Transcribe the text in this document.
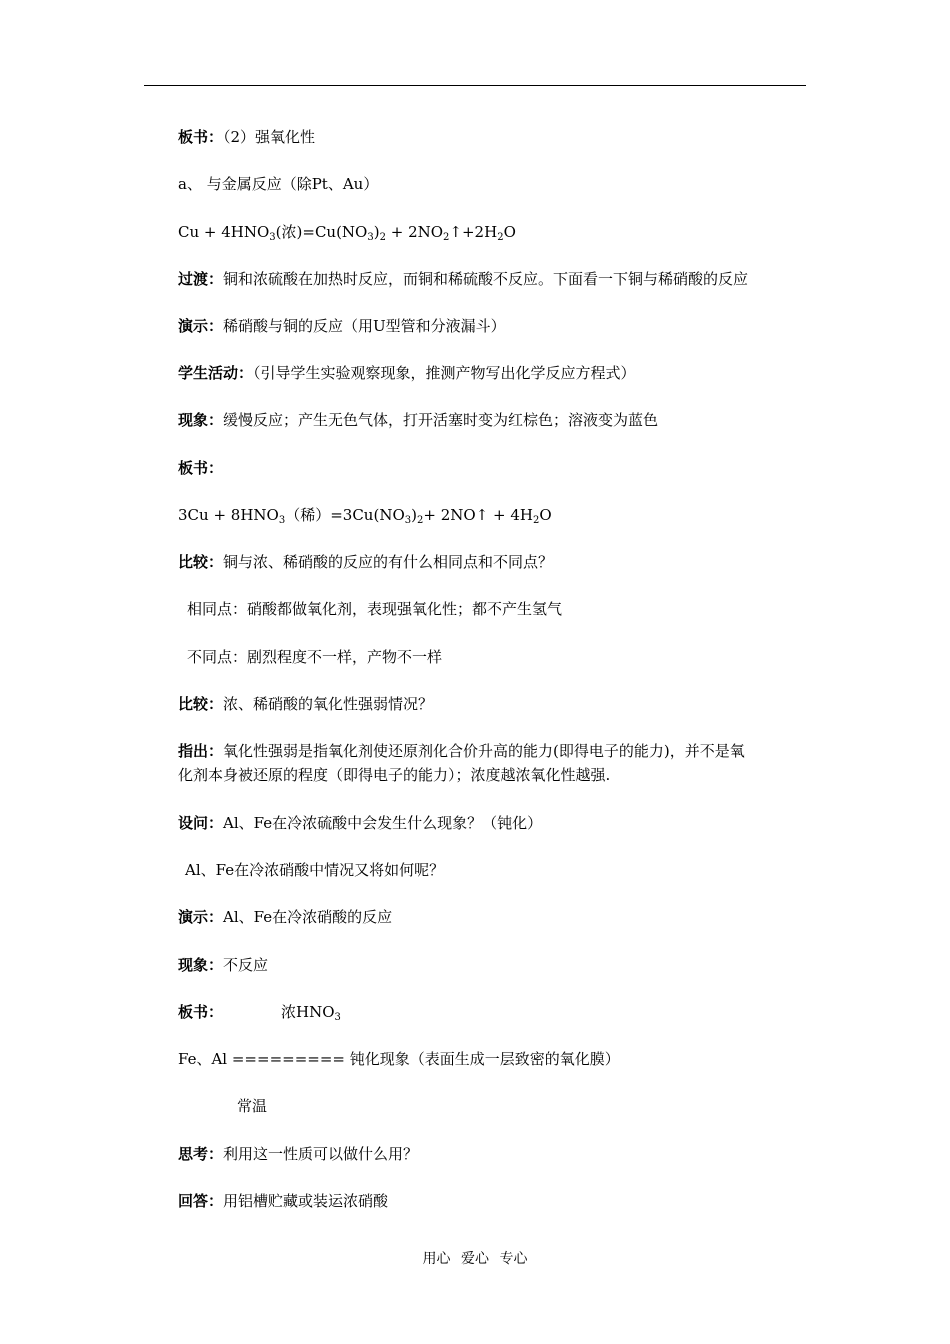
板书：（2）强氧化性
a、 与金属反应（除Pt、Au）
$Cu + 4HNO_3$(浓)$=Cu(NO_3)_2$ + $2NO_2↑+2H_2O$
过渡：铜和浓硫酸在加热时反应，而铜和稀硫酸不反应。下面看一下铜与稀硝酸的反应
演示：稀硝酸与铜的反应（用U型管和分液漏斗）
学生活动：（引导学生实验观察现象，推测产物写出化学反应方程式）
现象：缓慢反应；产生无色气体，打开活塞时变为红棕色；溶液变为蓝色
板书：
$3Cu + 8HNO_3$（稀）$=3Cu(NO_3)_2+$ 2NO↑ + $4H_2O$
比较：铜与浓、稀硝酸的反应的有什么相同点和不同点？
相同点：硝酸都做氧化剂，表现强氧化性；都不产生氢气
不同点：剧烈程度不一样，产物不一样
比较：浓、稀硝酸的氧化性强弱情况？
指出：氧化性强弱是指氧化剂使还原剂化合价升高的能力(即得电子的能力)，并不是氧
化剂本身被还原的程度（即得电子的能力）；浓度越浓氧化性越强.
设问：Al、Fe在冷浓硫酸中会发生什么现象？（钝化）
Al、Fe在冷浓硝酸中情况又将如何呢？
演示：Al、Fe在冷浓硝酸的反应
现象：不反应
板书：	浓$HNO_3$
Fe、Al ========= 钝化现象（表面生成一层致密的氧化膜）
常温
思考：利用这一性质可以做什么用？
回答：用铝槽贮藏或装运浓硝酸
用心 爱心 专心
